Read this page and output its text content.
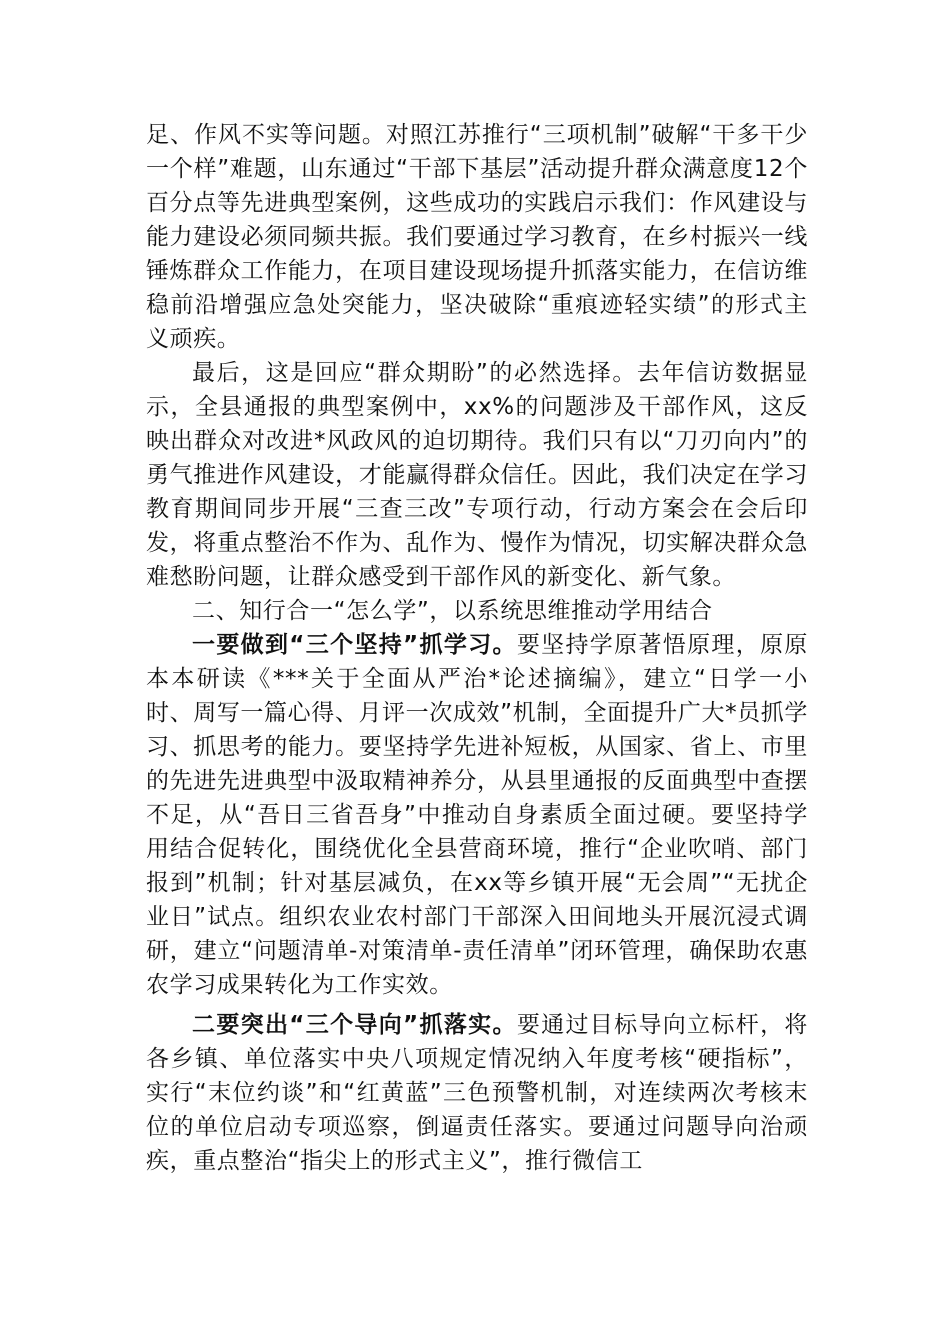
足、作风不实等问题。对照江苏推行“三项机制”破解“干多干少一个样”难题，山东通过“干部下基层”活动提升群众满意度12个百分点等先进典型案例，这些成功的实践启示我们：作风建设与能力建设必须同频共振。我们要通过学习教育，在乡村振兴一线锤炼群众工作能力，在项目建设现场提升抓落实能力，在信访维稳前沿增强应急处突能力，坚决破除“重痕迹轻实绩”的形式主义顽疾。

最后，这是回应“群众期盼”的必然选择。去年信访数据显示，全县通报的典型案例中，xx%的问题涉及干部作风，这反映出群众对改进*风政风的迫切期待。我们只有以“刀刃向内”的勇气推进作风建设，才能赢得群众信任。因此，我们决定在学习教育期间同步开展“三查三改”专项行动，行动方案会在会后印发，将重点整治不作为、乱作为、慢作为情况，切实解决群众急难愁盼问题，让群众感受到干部作风的新变化、新气象。

二、知行合一“怎么学”，以系统思维推动学用结合

一要做到“三个坚持”抓学习。要坚持学原著悟原理，原原本本研读《***关于全面从严治*论述摘编》，建立“日学一小时、周写一篇心得、月评一次成效”机制，全面提升广大*员抓学习、抓思考的能力。要坚持学先进补短板，从国家、省上、市里的先进先进典型中汲取精神养分，从县里通报的反面典型中查摆不足，从“吾日三省吾身”中推动自身素质全面过硬。要坚持学用结合促转化，围绕优化全县营商环境，推行“企业吹哨、部门报到”机制；针对基层减负，在xx等乡镇开展“无会周”“无扰企业日”试点。组织农业农村部门干部深入田间地头开展沉浸式调研，建立“问题清单-对策清单-责任清单”闭环管理，确保助农惠农学习成果转化为工作实效。

二要突出“三个导向”抓落实。要通过目标导向立标杆，将各乡镇、单位落实中央八项规定情况纳入年度考核“硬指标”，实行“末位约谈”和“红黄蓝”三色预警机制，对连续两次考核末位的单位启动专项巡察，倒逼责任落实。要通过问题导向治顽疾，重点整治“指尖上的形式主义”，推行微信工
